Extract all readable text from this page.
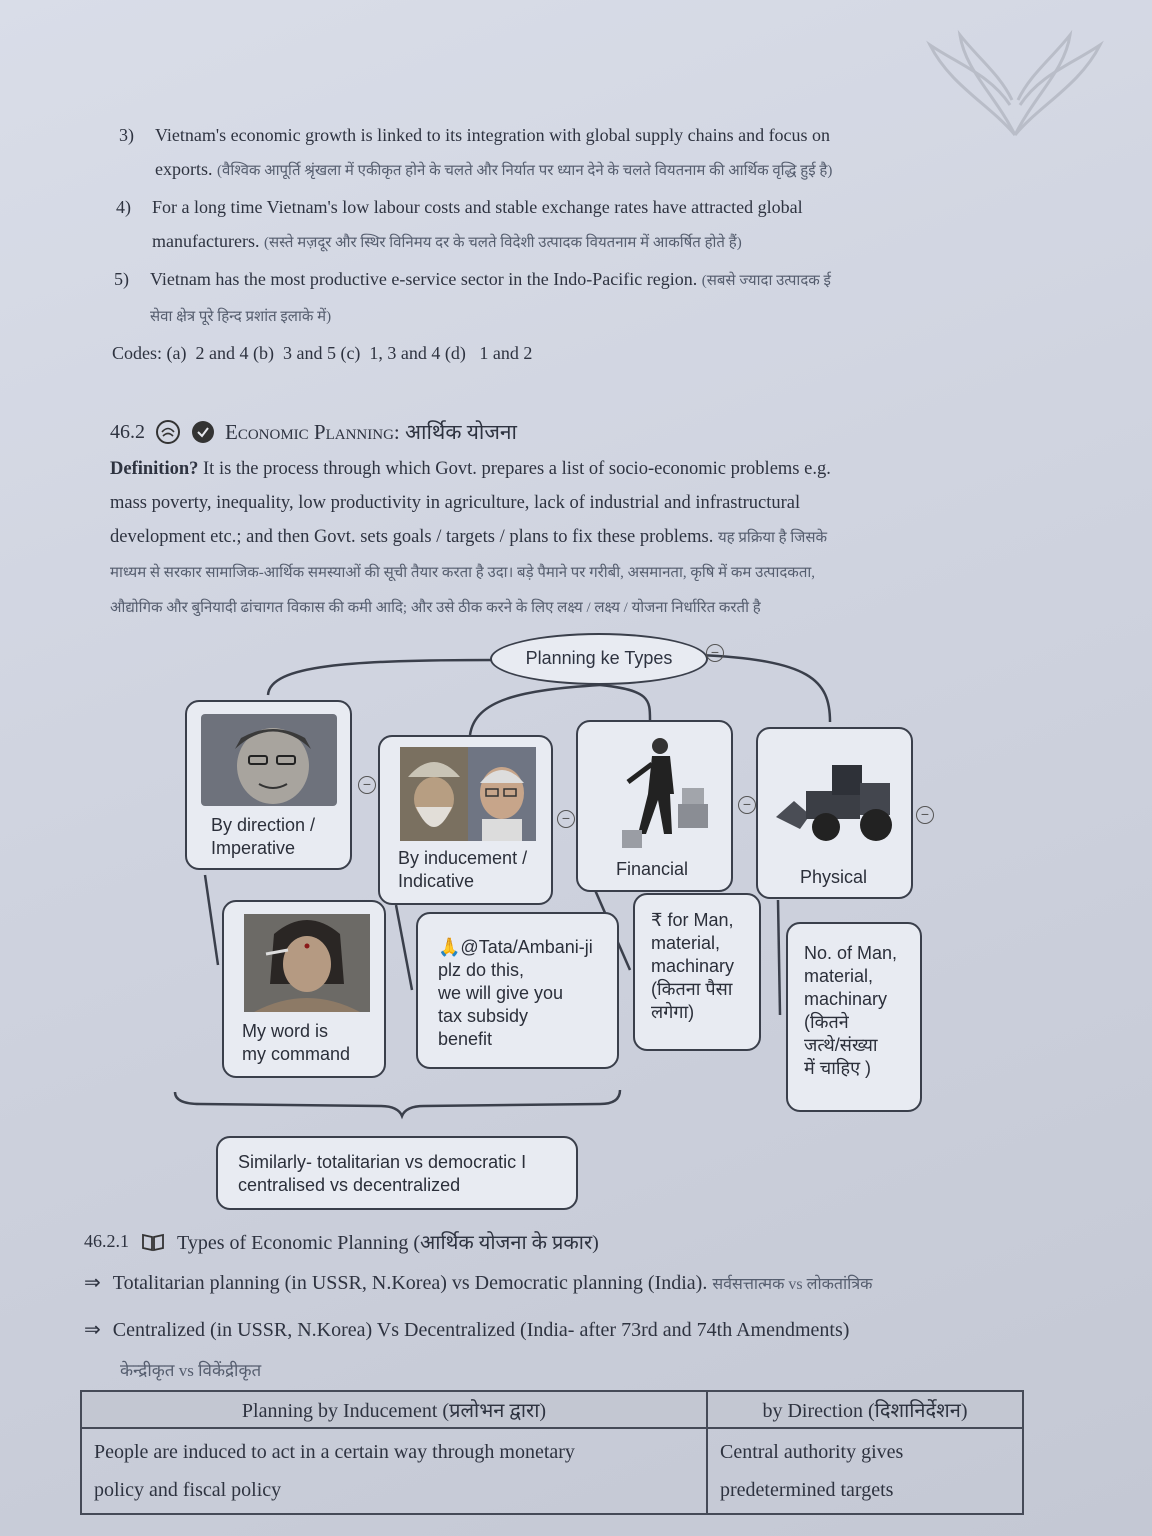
3) Vietnam's economic growth is linked to its integration with global supply chains and focus on
exports. (वैश्विक आपूर्ति श्रृंखला में एकीकृत होने के चलते और निर्यात पर ध्यान देने के चलते वियतनाम की आर्थिक वृद्धि हुई है)
4) For a long time Vietnam's low labour costs and stable exchange rates have attracted global
manufacturers. (सस्ते मज़दूर और स्थिर विनिमय दर के चलते विदेशी उत्पादक वियतनाम में आकर्षित होते हैं)
5) Vietnam has the most productive e-service sector in the Indo-Pacific region. (सबसे ज्यादा उत्पादक ई
सेवा क्षेत्र पूरे हिन्द प्रशांत इलाके में)
Codes: (a)  2 and 4 (b)  3 and 5 (c)  1, 3 and 4 (d)   1 and 2
46.2	Economic Planning: आर्थिक योजना
Definition? It is the process through which Govt. prepares a list of socio-economic problems e.g.
mass poverty, inequality, low productivity in agriculture, lack of industrial and infrastructural
development etc.; and then Govt. sets goals / targets / plans to fix these problems. यह प्रक्रिया है जिसके
माध्यम से सरकार सामाजिक-आर्थिक समस्याओं की सूची तैयार करता है उदा। बड़े पैमाने पर गरीबी, असमानता, कृषि में कम उत्पादकता,
औद्योगिक और बुनियादी ढांचागत विकास की कमी आदि; और उसे ठीक करने के लिए लक्ष्य / लक्ष्य / योजना निर्धारित करती है
Planning ke Types	−
By direction /
Imperative
−
By inducement /
Indicative
−
Financial
−
Physical
−
My word is
my command
🙏@Tata/Ambani-ji
plz do this,
we will give you
tax subsidy
benefit
₹ for Man,
material,
machinary
(कितना पैसा
लगेगा)
No. of Man,
material,
machinary
(कितने
जत्थे/संख्या
में चाहिए )
Similarly- totalitarian vs democratic I
centralised vs decentralized
46.2.1 Types of Economic Planning (आर्थिक योजना के प्रकार)
⇒ Totalitarian planning (in USSR, N.Korea) vs Democratic planning (India). सर्वसत्तात्मक vs लोकतांत्रिक
⇒ Centralized (in USSR, N.Korea) Vs Decentralized (India- after 73rd and 74th Amendments)
केन्द्रीकृत vs विकेंद्रीकृत
Planning by Inducement (प्रलोभन द्वारा)	by Direction (दिशानिर्देशन)
People are induced to act in a certain way through monetary
policy and fiscal policy	Central authority gives
predetermined targets
